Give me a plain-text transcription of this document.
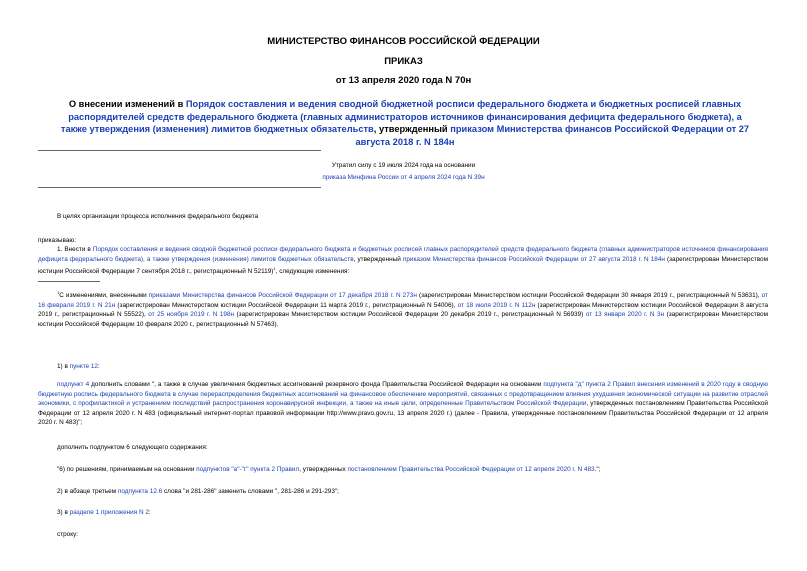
МИНИСТЕРСТВО ФИНАНСОВ РОССИЙСКОЙ ФЕДЕРАЦИИ
ПРИКАЗ
от 13 апреля 2020 года N 70н
О внесении изменений в Порядок составления и ведения сводной бюджетной росписи федерального бюджета и бюджетных росписей главных распорядителей средств федерального бюджета (главных администраторов источников финансирования дефицита федерального бюджета), а также утверждения (изменения) лимитов бюджетных обязательств, утвержденный приказом Министерства финансов Российской Федерации от 27 августа 2018 г. N 184н
Утратил силу с 19 июля 2024 года на основании
приказа Минфина России от 4 апреля 2024 года N 39н
В целях организации процесса исполнения федерального бюджета
приказываю:
1. Внести в Порядок составления и ведения сводной бюджетной росписи федерального бюджета и бюджетных росписей главных распорядителей средств федерального бюджета (главных администраторов источников финансирования дефицита федерального бюджета), а также утверждения (изменения) лимитов бюджетных обязательств, утвержденный приказом Министерства финансов Российской Федерации от 27 августа 2018 г. N 184н (зарегистрирован Министерством юстиции Российской Федерации 7 сентября 2018 г., регистрационный N 52119)$^1$, следующие изменения:
$^1$С изменениями, внесенными приказами Министерства финансов Российской Федерации от 17 декабря 2018 г. N 273н (зарегистрирован Министерством юстиции Российской Федерации 30 января 2019 г., регистрационный N 53631), от 16 февраля 2019 г. N 21н (зарегистрирован Министерством юстиции Российской Федерации 11 марта 2019 г., регистрационный N 54006), от 18 июля 2019 г. N 112н (зарегистрирован Министерством юстиции Российской Федерации 8 августа 2019 г., регистрационный N 55522), от 25 ноября 2019 г. N 198н (зарегистрирован Министерством юстиции Российской Федерации 20 декабря 2019 г., регистрационный N 56939) от 13 января 2020 г. N 3н (зарегистрирован Министерством юстиции Российской Федерации 10 февраля 2020 г., регистрационный N 57463).
1) в пункте 12:
подпункт 4 дополнить словами ", а также в случае увеличения бюджетных ассигнований резервного фонда Правительства Российской Федерации на основании подпункта "д" пункта 2 Правил внесения изменений в 2020 году в сводную бюджетную роспись федерального бюджета в случае перераспределения бюджетных ассигнований на финансовое обеспечение мероприятий, связанных с предотвращением влияния ухудшения экономической ситуации на развитие отраслей экономики, с профилактикой и устранением последствий распространения коронавирусной инфекции, а также на иные цели, определенные Правительством Российской Федерации, утвержденных постановлением Правительства Российской Федерации от 12 апреля 2020 г. N 483 (официальный интернет-портал правовой информации http://www.pravo.gov.ru, 13 апреля 2020 г.) (далее - Правила, утвержденные постановлением Правительства Российской Федерации от 12 апреля 2020 г. N 483)";
дополнить подпунктом 6 следующего содержания:
"6) по решениям, принимаемым на основании подпунктов "а"-"г" пункта 2 Правил, утвержденных постановлением Правительства Российской Федерации от 12 апреля 2020 г. N 483.";
2) в абзаце третьем подпункта 12.6 слова "и 281-286" заменить словами ", 281-286 и 291-293";
3) в разделе 1 приложения N 2:
строку:
